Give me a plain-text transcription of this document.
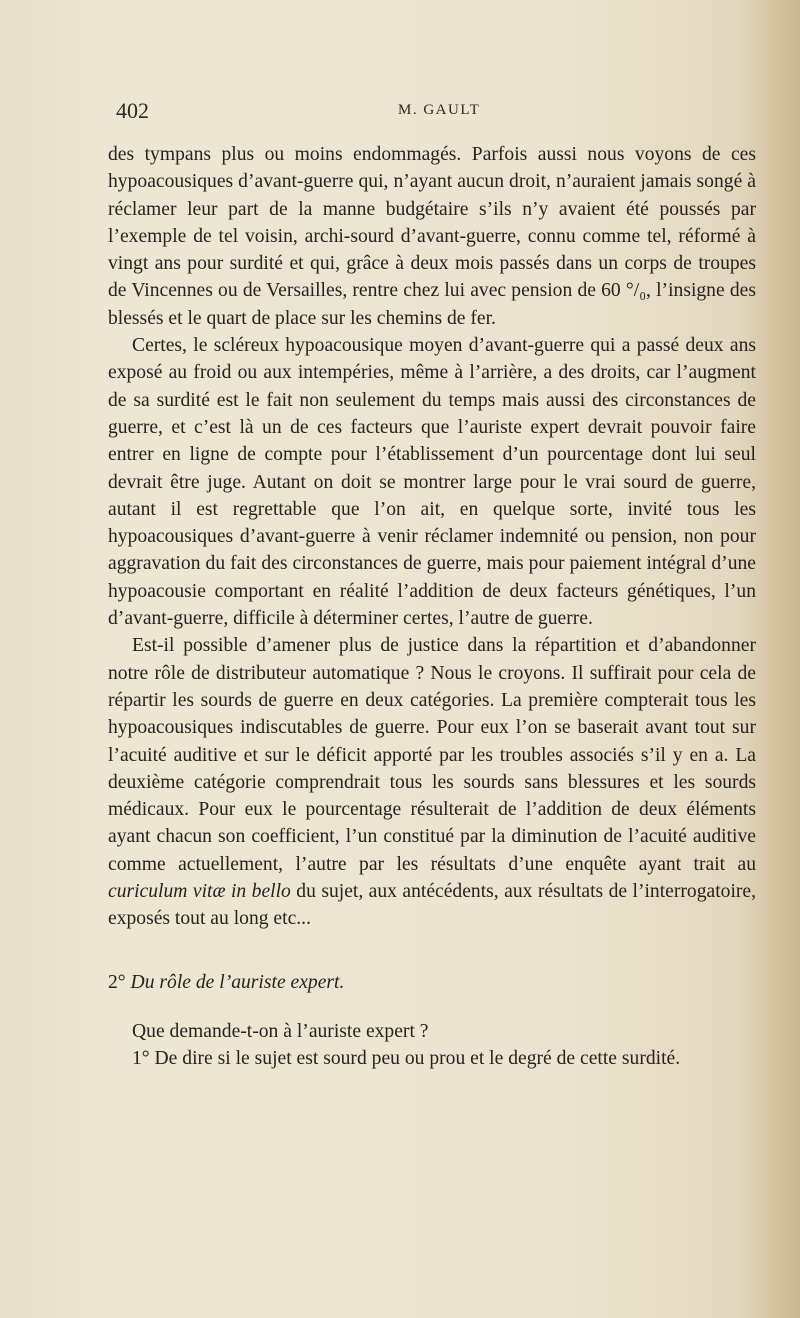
402	M. GAULT

des tympans plus ou moins endommagés. Parfois aussi nous voyons de ces hypoacousiques d’avant-guerre qui, n’ayant aucun droit, n’auraient jamais songé à réclamer leur part de la manne budgétaire s’ils n’y avaient été poussés par l’exemple de tel voisin, archi-sourd d’avant-guerre, connu comme tel, réformé à vingt ans pour surdité et qui, grâce à deux mois passés dans un corps de troupes de Vincennes ou de Versailles, rentre chez lui avec pension de 60 °/₀, l’insigne des blessés et le quart de place sur les chemins de fer.

Certes, le scléreux hypoacousique moyen d’avant-guerre qui a passé deux ans exposé au froid ou aux intempéries, même à l’arrière, a des droits, car l’augment de sa surdité est le fait non seulement du temps mais aussi des circonstances de guerre, et c’est là un de ces facteurs que l’auriste expert devrait pouvoir faire entrer en ligne de compte pour l’établissement d’un pourcentage dont lui seul devrait être juge. Autant on doit se montrer large pour le vrai sourd de guerre, autant il est regrettable que l’on ait, en quelque sorte, invité tous les hypoacousiques d’avant-guerre à venir réclamer indemnité ou pension, non pour aggravation du fait des circonstances de guerre, mais pour paiement intégral d’une hypoacousie comportant en réalité l’addition de deux facteurs génétiques, l’un d’avant-guerre, difficile à déterminer certes, l’autre de guerre.

Est-il possible d’amener plus de justice dans la répartition et d’abandonner notre rôle de distributeur automatique ? Nous le croyons. Il suffirait pour cela de répartir les sourds de guerre en deux catégories. La première compterait tous les hypoacousiques indiscutables de guerre. Pour eux l’on se baserait avant tout sur l’acuité auditive et sur le déficit apporté par les troubles associés s’il y en a. La deuxième catégorie comprendrait tous les sourds sans blessures et les sourds médicaux. Pour eux le pourcentage résulterait de l’addition de deux éléments ayant chacun son coefficient, l’un constitué par la diminution de l’acuité auditive comme actuellement, l’autre par les résultats d’une enquête ayant trait au curiculum vitæ in bello du sujet, aux antécédents, aux résultats de l’interrogatoire, exposés tout au long etc...

2° Du rôle de l’auriste expert.

Que demande-t-on à l’auriste expert ?

1° De dire si le sujet est sourd peu ou prou et le degré de cette surdité.
